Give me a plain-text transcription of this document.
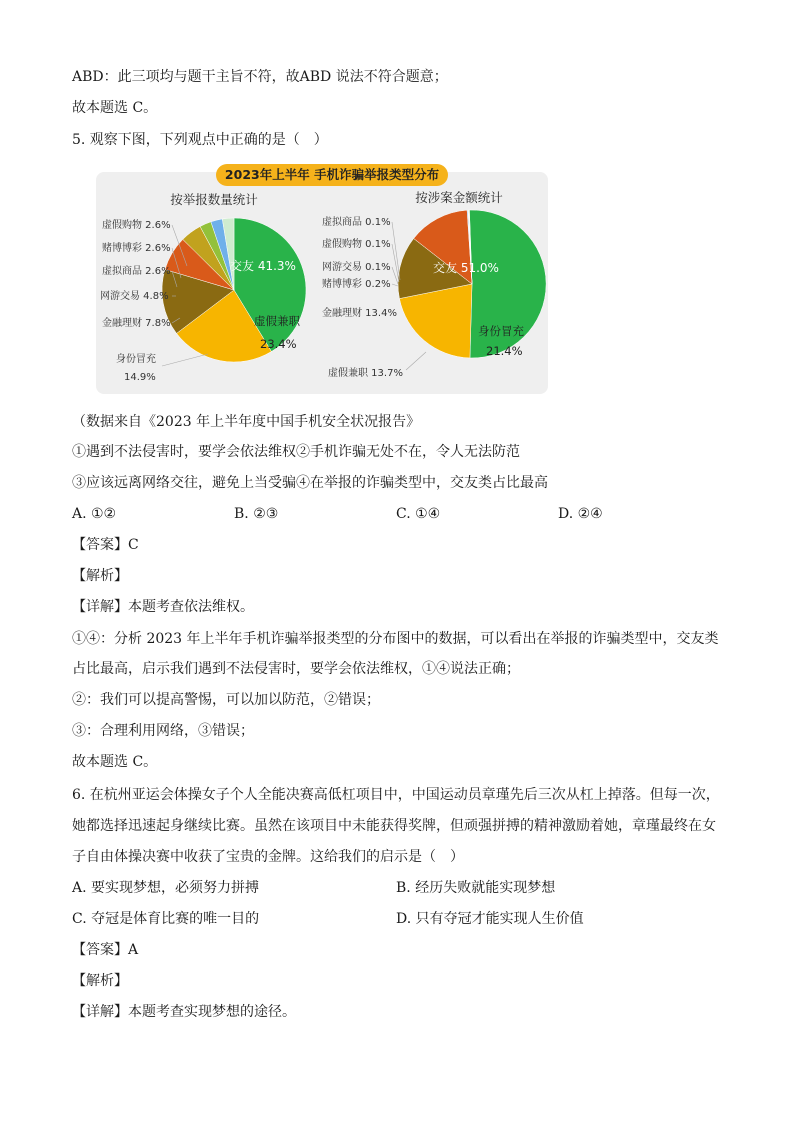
ABD：此三项均与题干主旨不符，故ABD 说法不符合题意；
故本题选 C。
5. 观察下图，下列观点中正确的是（　）
2023年上半年 手机诈骗举报类型分布
按举报数量统计	按涉案金额统计
虚假购物 2.6%
赌博博彩 2.6%
虚拟商品 2.6%
网游交易 4.8%
金融理财 7.8%
身份冒充
14.9%
交友 41.3%
虚假兼职
23.4%
虚拟商品 0.1%
虚假购物 0.1%
网游交易 0.1%
赌博博彩 0.2%
金融理财 13.4%
虚假兼职 13.7%
交友 51.0%
身份冒充
21.4%
（数据来自《2023 年上半年度中国手机安全状况报告》
①遇到不法侵害时，要学会依法维权②手机诈骗无处不在，令人无法防范
③应该远离网络交往，避免上当受骗④在举报的诈骗类型中，交友类占比最高
A. ①②	B. ②③	C. ①④	D. ②④
【答案】C
【解析】
【详解】本题考查依法维权。
①④：分析 2023 年上半年手机诈骗举报类型的分布图中的数据，可以看出在举报的诈骗类型中，交友类
占比最高，启示我们遇到不法侵害时，要学会依法维权，①④说法正确；
②：我们可以提高警惕，可以加以防范，②错误；
③：合理利用网络，③错误；
故本题选 C。
6. 在杭州亚运会体操女子个人全能决赛高低杠项目中，中国运动员章瑾先后三次从杠上掉落。但每一次，
她都选择迅速起身继续比赛。虽然在该项目中未能获得奖牌，但顽强拼搏的精神激励着她，章瑾最终在女
子自由体操决赛中收获了宝贵的金牌。这给我们的启示是（　）
A. 要实现梦想，必须努力拼搏	B. 经历失败就能实现梦想
C. 夺冠是体育比赛的唯一目的	D. 只有夺冠才能实现人生价值
【答案】A
【解析】
【详解】本题考查实现梦想的途径。
